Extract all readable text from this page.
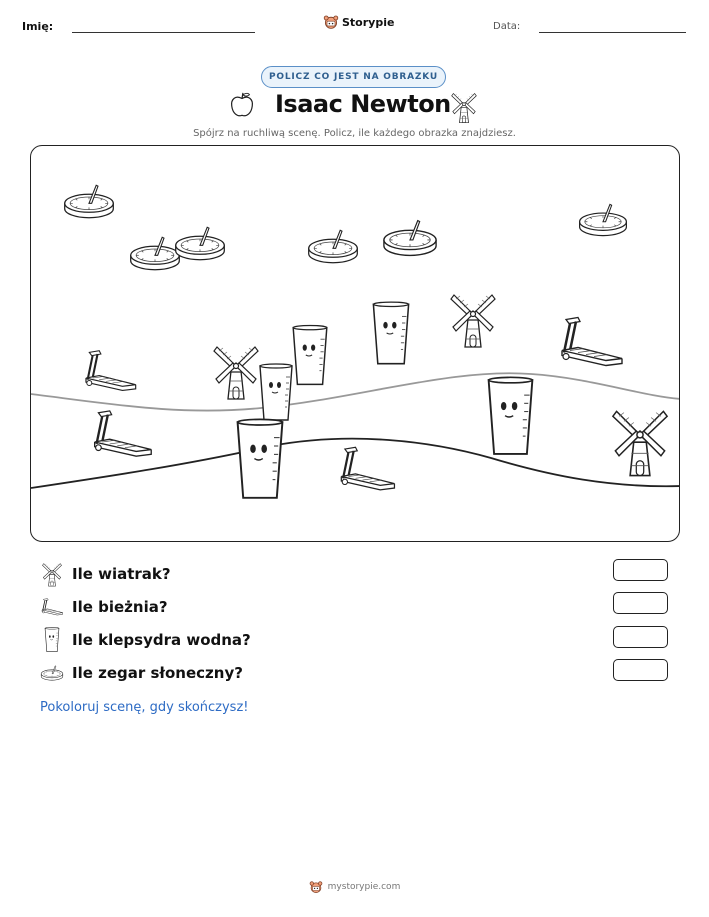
Imię:	Storypie	Data:
POLICZ CO JEST NA OBRAZKU
Isaac Newton
Spójrz na ruchliwą scenę. Policz, ile każdego obrazka znajdziesz.
Ile wiatrak?
Ile bieżnia?
Ile klepsydra wodna?
Ile zegar słoneczny?
Pokoloruj scenę, gdy skończysz!
mystorypie.com
